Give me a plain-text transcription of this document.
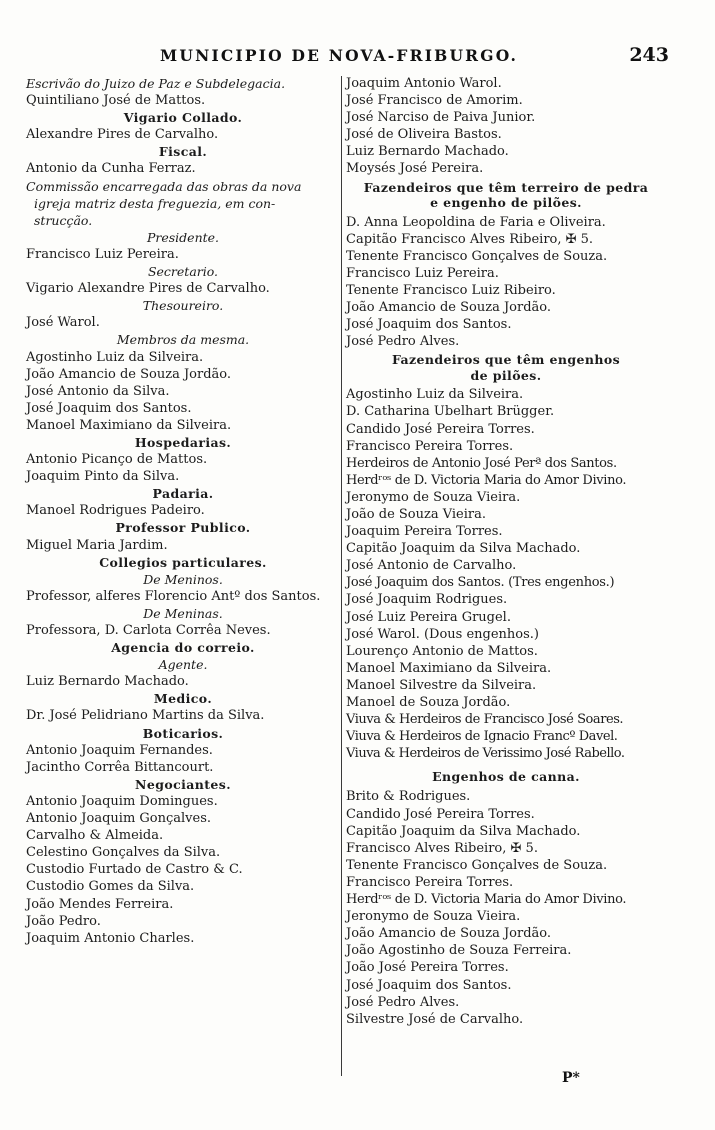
MUNICIPIO DE NOVA-FRIBURGO.	243
Escrivão do Juizo de Paz e Subdelegacia.
Quintiliano José de Mattos.
Vigario Collado.
Alexandre Pires de Carvalho.
Fiscal.
Antonio da Cunha Ferraz.
Commissão encarregada das obras da nova
igreja matriz desta freguezia, em con-
strucção.
Presidente.
Francisco Luiz Pereira.
Secretario.
Vigario Alexandre Pires de Carvalho.
Thesoureiro.
José Warol.
Membros da mesma.
Agostinho Luiz da Silveira.
João Amancio de Souza Jordão.
José Antonio da Silva.
José Joaquim dos Santos.
Manoel Maximiano da Silveira.
Hospedarias.
Antonio Picanço de Mattos.
Joaquim Pinto da Silva.
Padaria.
Manoel Rodrigues Padeiro.
Professor Publico.
Miguel Maria Jardim.
Collegios particulares.
De Meninos.
Professor, alferes Florencio Antº dos Santos.
De Meninas.
Professora, D. Carlota Corrêa Neves.
Agencia do correio.
Agente.
Luiz Bernardo Machado.
Medico.
Dr. José Pelidriano Martins da Silva.
Boticarios.
Antonio Joaquim Fernandes.
Jacintho Corrêa Bittancourt.
Negociantes.
Antonio Joaquim Domingues.
Antonio Joaquim Gonçalves.
Carvalho & Almeida.
Celestino Gonçalves da Silva.
Custodio Furtado de Castro & C.
Custodio Gomes da Silva.
João Mendes Ferreira.
João Pedro.
Joaquim Antonio Charles.
Joaquim Antonio Warol.
José Francisco de Amorim.
José Narciso de Paiva Junior.
José de Oliveira Bastos.
Luiz Bernardo Machado.
Moysés José Pereira.
Fazendeiros que têm terreiro de pedra
e engenho de pilões.
D. Anna Leopoldina de Faria e Oliveira.
Capitão Francisco Alves Ribeiro, ✠ 5.
Tenente Francisco Gonçalves de Souza.
Francisco Luiz Pereira.
Tenente Francisco Luiz Ribeiro.
João Amancio de Souza Jordão.
José Joaquim dos Santos.
José Pedro Alves.
Fazendeiros que têm engenhos
de pilões.
Agostinho Luiz da Silveira.
D. Catharina Ubelhart Brügger.
Candido José Pereira Torres.
Francisco Pereira Torres.
Herdeiros de Antonio José Perª dos Santos.
Herdʳᵒˢ de D. Victoria Maria do Amor Divino.
Jeronymo de Souza Vieira.
João de Souza Vieira.
Joaquim Pereira Torres.
Capitão Joaquim da Silva Machado.
José Antonio de Carvalho.
José Joaquim dos Santos. (Tres engenhos.)
José Joaquim Rodrigues.
José Luiz Pereira Grugel.
José Warol. (Dous engenhos.)
Lourenço Antonio de Mattos.
Manoel Maximiano da Silveira.
Manoel Silvestre da Silveira.
Manoel de Souza Jordão.
Viuva & Herdeiros de Francisco José Soares.
Viuva & Herdeiros de Ignacio Francº Davel.
Viuva & Herdeiros de Verissimo José Rabello.
Engenhos de canna.
Brito & Rodrigues.
Candido José Pereira Torres.
Capitão Joaquim da Silva Machado.
Francisco Alves Ribeiro, ✠ 5.
Tenente Francisco Gonçalves de Souza.
Francisco Pereira Torres.
Herdʳᵒˢ de D. Victoria Maria do Amor Divino.
Jeronymo de Souza Vieira.
João Amancio de Souza Jordão.
João Agostinho de Souza Ferreira.
João José Pereira Torres.
José Joaquim dos Santos.
José Pedro Alves.
Silvestre José de Carvalho.
P*
